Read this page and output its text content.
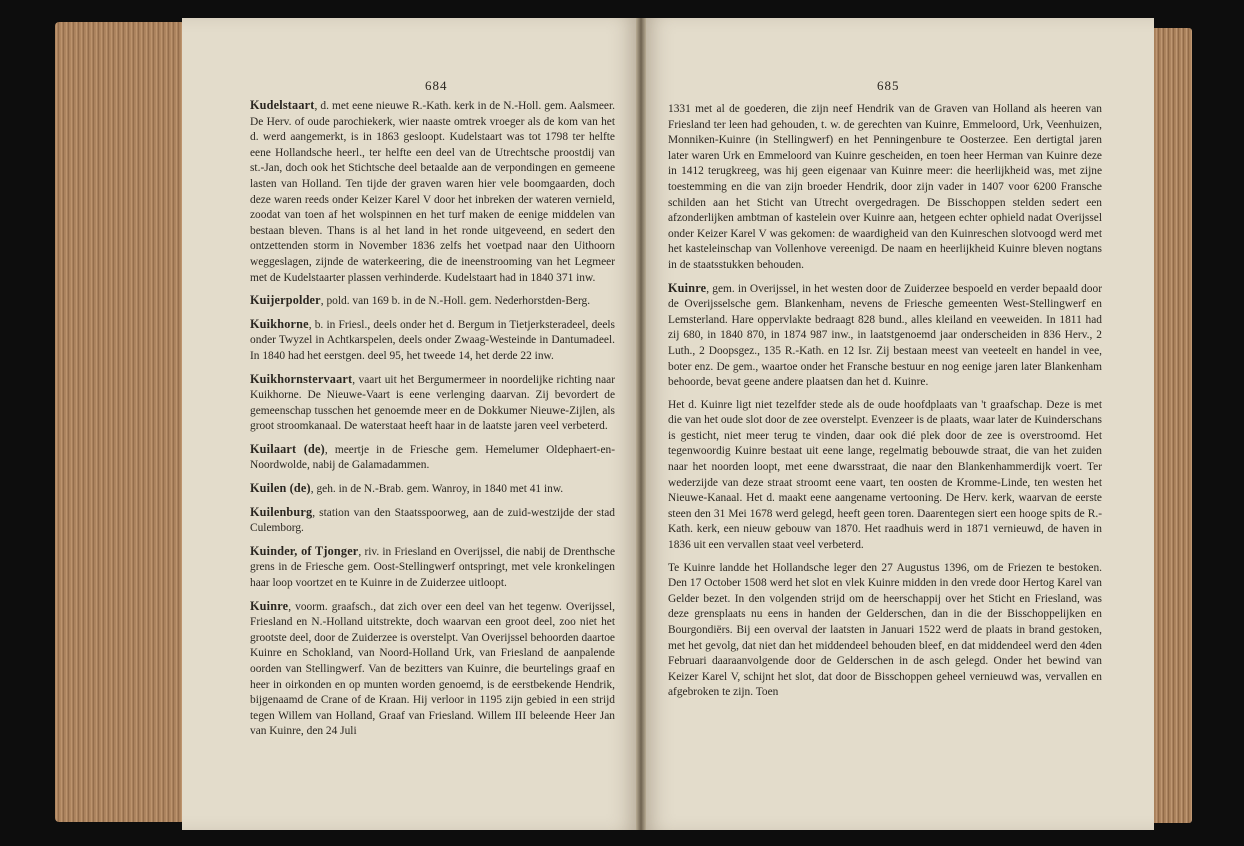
684	685

Kudelstaart, d. met eene nieuwe R.-Kath. kerk in de N.-Holl. gem. Aalsmeer. De Herv. of oude parochiekerk, wier naaste omtrek vroeger als de kom van het d. werd aangemerkt, is in 1863 gesloopt. Kudelstaart was tot 1798 ter helfte eene Hollandsche heerl., ter helfte een deel van de Utrechtsche proostdij van st.-Jan, doch ook het Stichtsche deel betaalde aan de verpondingen en gemeene lasten van Holland. Ten tijde der graven waren hier vele boomgaarden, doch deze waren reeds onder Keizer Karel V door het inbreken der wateren vernield, zoodat van toen af het wolspinnen en het turf maken de eenige middelen van bestaan bleven. Thans is al het land in het ronde uitgeveend, en sedert den ontzettenden storm in November 1836 zelfs het voetpad naar den Uithoorn weggeslagen, zijnde de waterkeering, die de ineenstrooming van het Legmeer met de Kudelstaarter plassen verhinderde. Kudelstaart had in 1840 371 inw.

Kuijerpolder, pold. van 169 b. in de N.-Holl. gem. Nederhorstden-Berg.

Kuikhorne, b. in Friesl., deels onder het d. Bergum in Tietjerksteradeel, deels onder Twyzel in Achtkarspelen, deels onder Zwaag-Westeinde in Dantumadeel. In 1840 had het eerstgen. deel 95, het tweede 14, het derde 22 inw.

Kuikhornstervaart, vaart uit het Bergumermeer in noordelijke richting naar Kuikhorne. De Nieuwe-Vaart is eene verlenging daarvan. Zij bevordert de gemeenschap tusschen het genoemde meer en de Dokkumer Nieuwe-Zijlen, als groot stroomkanaal. De waterstaat heeft haar in de laatste jaren veel verbeterd.

Kuilaart (de), meertje in de Friesche gem. Hemelumer Oldephaert-en-Noordwolde, nabij de Galamadammen.

Kuilen (de), geh. in de N.-Brab. gem. Wanroy, in 1840 met 41 inw.

Kuilenburg, station van den Staatsspoorweg, aan de zuid-westzijde der stad Culemborg.

Kuinder, of Tjonger, riv. in Friesland en Overijssel, die nabij de Drenthsche grens in de Friesche gem. Oost-Stellingwerf ontspringt, met vele kronkelingen haar loop voortzet en te Kuinre in de Zuiderzee uitloopt.

Kuinre, voorm. graafsch., dat zich over een deel van het tegenw. Overijssel, Friesland en N.-Holland uitstrekte, doch waarvan een groot deel, zoo niet het grootste deel, door de Zuiderzee is overstelpt. Van Overijssel behoorden daartoe Kuinre en Schokland, van Noord-Holland Urk, van Friesland de aanpalende oorden van Stellingwerf. Van de bezitters van Kuinre, die beurtelings graaf en heer in oirkonden en op munten worden genoemd, is de eerstbekende Hendrik, bijgenaamd de Crane of de Kraan. Hij verloor in 1195 zijn gebied in een strijd tegen Willem van Holland, Graaf van Friesland. Willem III beleende Heer Jan van Kuinre, den 24 Juli

1331 met al de goederen, die zijn neef Hendrik van de Graven van Holland als heeren van Friesland ter leen had gehouden, t. w. de gerechten van Kuinre, Emmeloord, Urk, Veenhuizen, Monniken-Kuinre (in Stellingwerf) en het Penningenbure te Oosterzee. Een dertigtal jaren later waren Urk en Emmeloord van Kuinre gescheiden, en toen heer Herman van Kuinre deze in 1412 terugkreeg, was hij geen eigenaar van Kuinre meer: die heerlijkheid was, met zijne toestemming en die van zijn broeder Hendrik, door zijn vader in 1407 voor 6200 Fransche schilden aan het Sticht van Utrecht overgedragen. De Bisschoppen stelden sedert een afzonderlijken ambtman of kastelein over Kuinre aan, hetgeen echter ophield nadat Overijssel onder Keizer Karel V was gekomen: de waardigheid van den Kuinreschen slotvoogd werd met het kasteleinschap van Vollenhove vereenigd. De naam en heerlijkheid Kuinre bleven nogtans in de staatsstukken behouden.

Kuinre, gem. in Overijssel, in het westen door de Zuiderzee bespoeld en verder bepaald door de Overijsselsche gem. Blankenham, nevens de Friesche gemeenten West-Stellingwerf en Lemsterland. Hare oppervlakte bedraagt 828 bund., alles kleiland en veeweiden. In 1811 had zij 680, in 1840 870, in 1874 987 inw., in laatstgenoemd jaar onderscheiden in 836 Herv., 2 Luth., 2 Doopsgez., 135 R.-Kath. en 12 Isr. Zij bestaan meest van veeteelt en handel in vee, boter enz. De gem., waartoe onder het Fransche bestuur en nog eenige jaren later Blankenham behoorde, bevat geene andere plaatsen dan het d. Kuinre.

Het d. Kuinre ligt niet tezelfder stede als de oude hoofdplaats van 't graafschap. Deze is met die van het oude slot door de zee overstelpt. Evenzeer is de plaats, waar later de Kuinderschans is gesticht, niet meer terug te vinden, daar ook dié plek door de zee is overstroomd. Het tegenwoordig Kuinre bestaat uit eene lange, regelmatig bebouwde straat, die van het zuiden naar het noorden loopt, met eene dwarsstraat, die naar den Blankenhammerdijk voert. Ter wederzijde van deze straat stroomt eene vaart, ten oosten de Kromme-Linde, ten westen het Nieuwe-Kanaal. Het d. maakt eene aangename vertooning. De Herv. kerk, waarvan de eerste steen den 31 Mei 1678 werd gelegd, heeft geen toren. Daarentegen siert een hooge spits de R.-Kath. kerk, een nieuw gebouw van 1870. Het raadhuis werd in 1871 vernieuwd, de haven in 1836 uit een vervallen staat veel verbeterd.

Te Kuinre landde het Hollandsche leger den 27 Augustus 1396, om de Friezen te bestoken. Den 17 October 1508 werd het slot en vlek Kuinre midden in den vrede door Hertog Karel van Gelder bezet. In den volgenden strijd om de heerschappij over het Sticht en Friesland, was deze grensplaats nu eens in handen der Gelderschen, dan in die der Bisschoppelijken en Bourgondiërs. Bij een overval der laatsten in Januari 1522 werd de plaats in brand gestoken, met het gevolg, dat niet dan het middendeel behouden bleef, en dat middendeel werd den 4den Februari daaraanvolgende door de Gelderschen in de asch gelegd. Onder het bewind van Keizer Karel V, schijnt het slot, dat door de Bisschoppen geheel vernieuwd was, vervallen en afgebroken te zijn. Toen
